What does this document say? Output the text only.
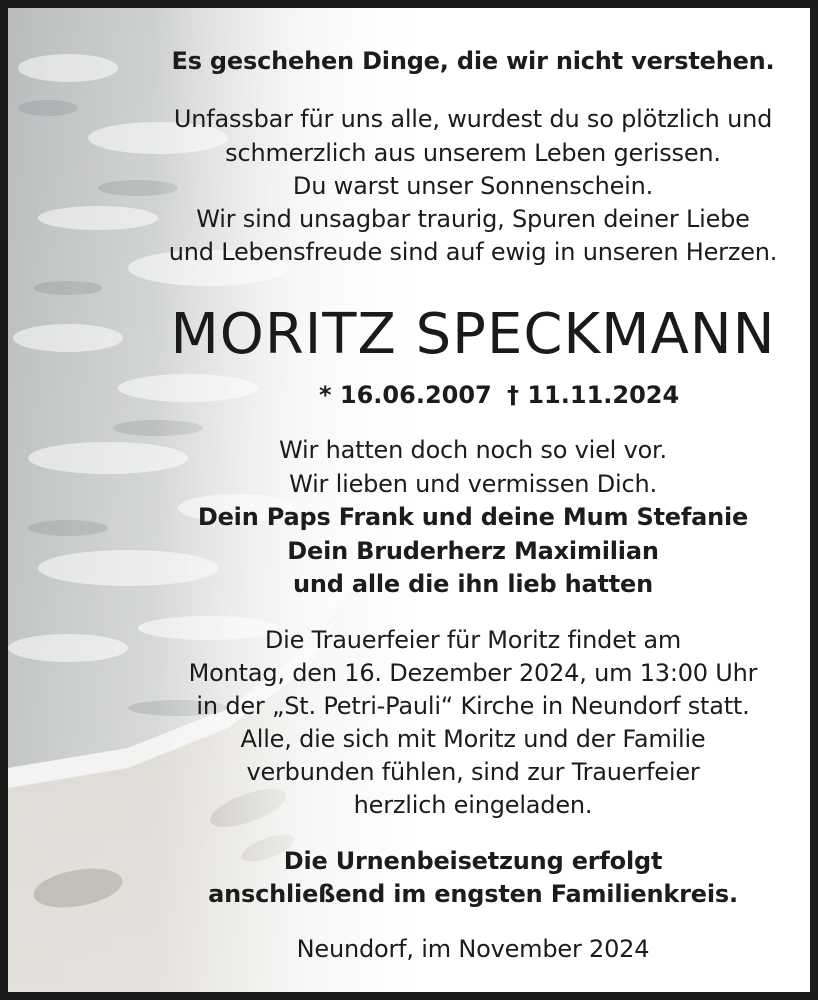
Es geschehen Dinge, die wir nicht verstehen.
Unfassbar für uns alle, wurdest du so plötzlich und
schmerzlich aus unserem Leben gerissen.
Du warst unser Sonnenschein.
Wir sind unsagbar traurig, Spuren deiner Liebe
und Lebensfreude sind auf ewig in unseren Herzen.
MORITZ SPECKMANN
* 16.06.2007 † 11.11.2024
Wir hatten doch noch so viel vor.
Wir lieben und vermissen Dich.
Dein Paps Frank und deine Mum Stefanie
Dein Bruderherz Maximilian
und alle die ihn lieb hatten
Die Trauerfeier für Moritz findet am
Montag, den 16. Dezember 2024, um 13:00 Uhr
in der „St. Petri-Pauli“ Kirche in Neundorf statt.
Alle, die sich mit Moritz und der Familie
verbunden fühlen, sind zur Trauerfeier
herzlich eingeladen.
Die Urnenbeisetzung erfolgt
anschließend im engsten Familienkreis.
Neundorf, im November 2024
